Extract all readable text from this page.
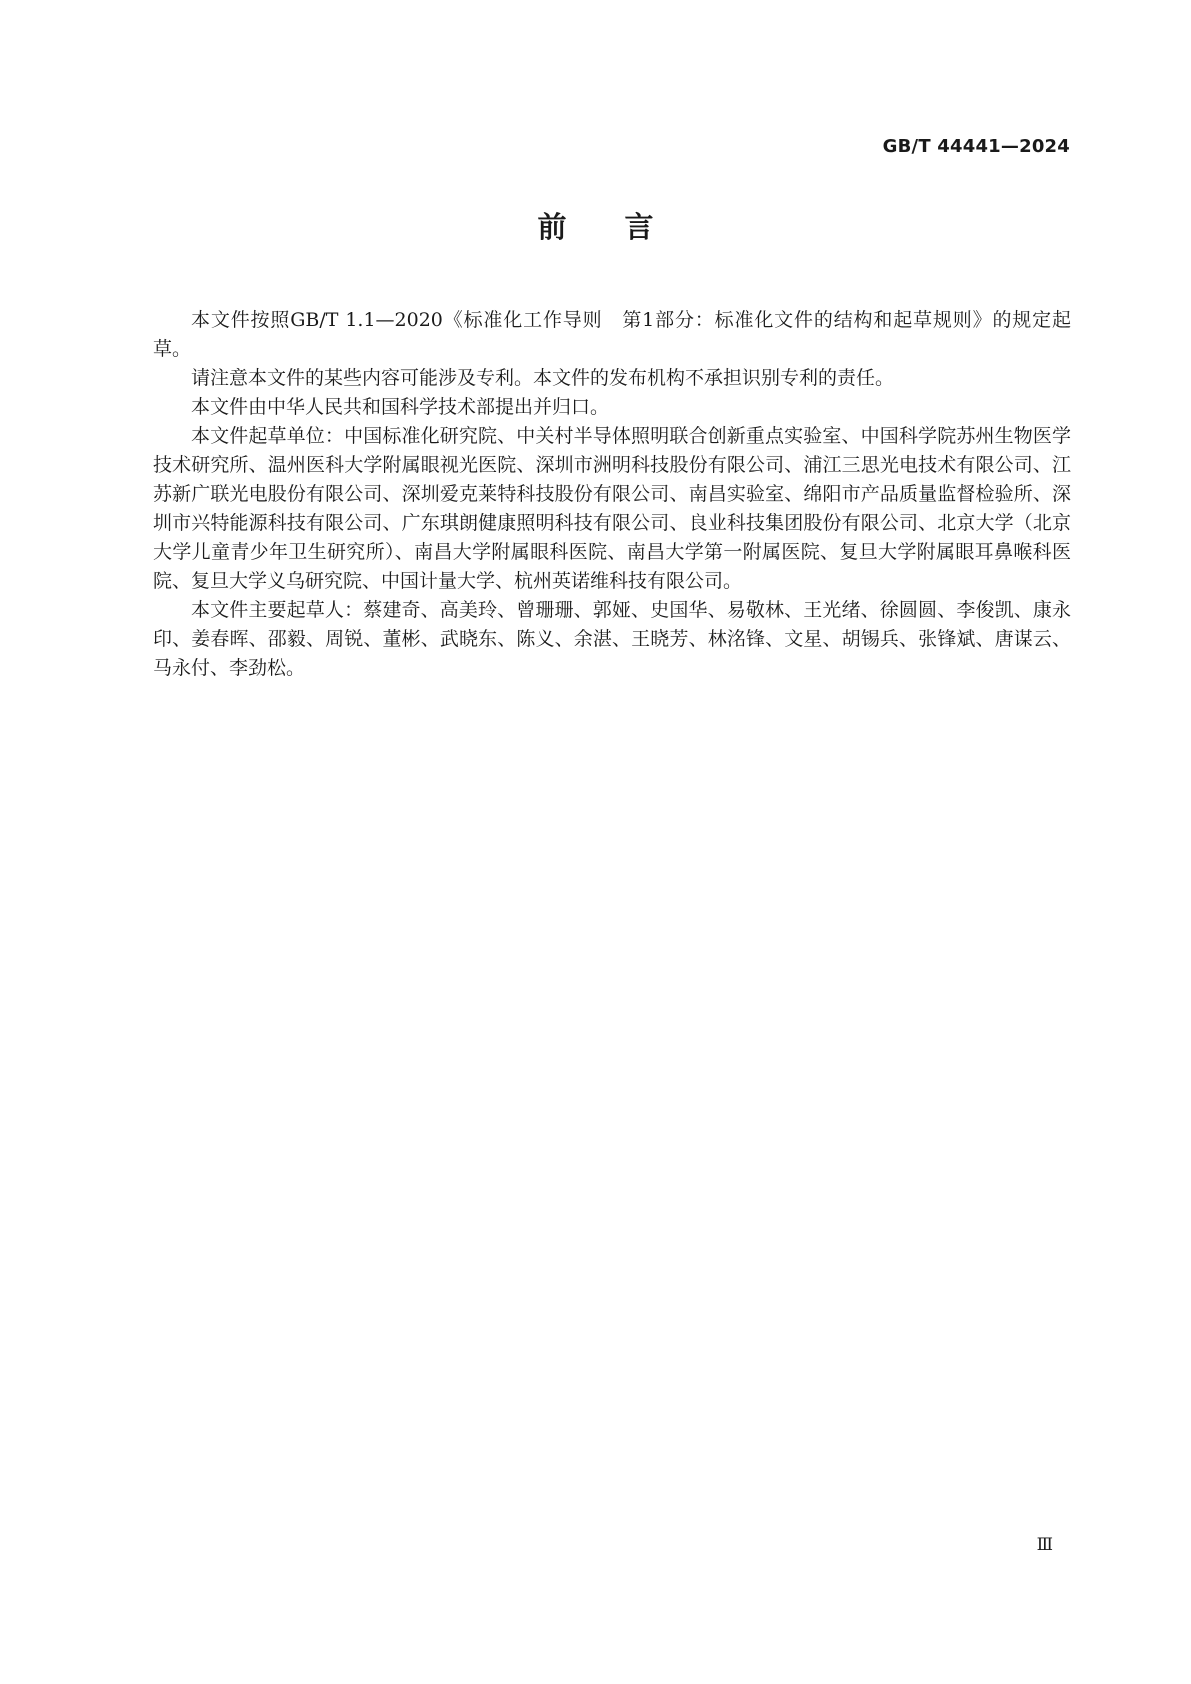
GB/T 44441—2024
前言

本文件按照GB/T 1.1—2020《标准化工作导则　第1部分：标准化文件的结构和起草规则》的规定起草。

请注意本文件的某些内容可能涉及专利。本文件的发布机构不承担识别专利的责任。

本文件由中华人民共和国科学技术部提出并归口。

本文件起草单位：中国标准化研究院、中关村半导体照明联合创新重点实验室、中国科学院苏州生物医学技术研究所、温州医科大学附属眼视光医院、深圳市洲明科技股份有限公司、浦江三思光电技术有限公司、江苏新广联光电股份有限公司、深圳爱克莱特科技股份有限公司、南昌实验室、绵阳市产品质量监督检验所、深圳市兴特能源科技有限公司、广东琪朗健康照明科技有限公司、良业科技集团股份有限公司、北京大学（北京大学儿童青少年卫生研究所）、南昌大学附属眼科医院、南昌大学第一附属医院、复旦大学附属眼耳鼻喉科医院、复旦大学义乌研究院、中国计量大学、杭州英诺维科技有限公司。

本文件主要起草人：蔡建奇、高美玲、曾珊珊、郭娅、史国华、易敬林、王光绪、徐圆圆、李俊凯、康永印、姜春晖、邵毅、周锐、董彬、武晓东、陈义、余湛、王晓芳、林洺锋、文星、胡锡兵、张锋斌、唐谋云、马永付、李劲松。

Ⅲ
